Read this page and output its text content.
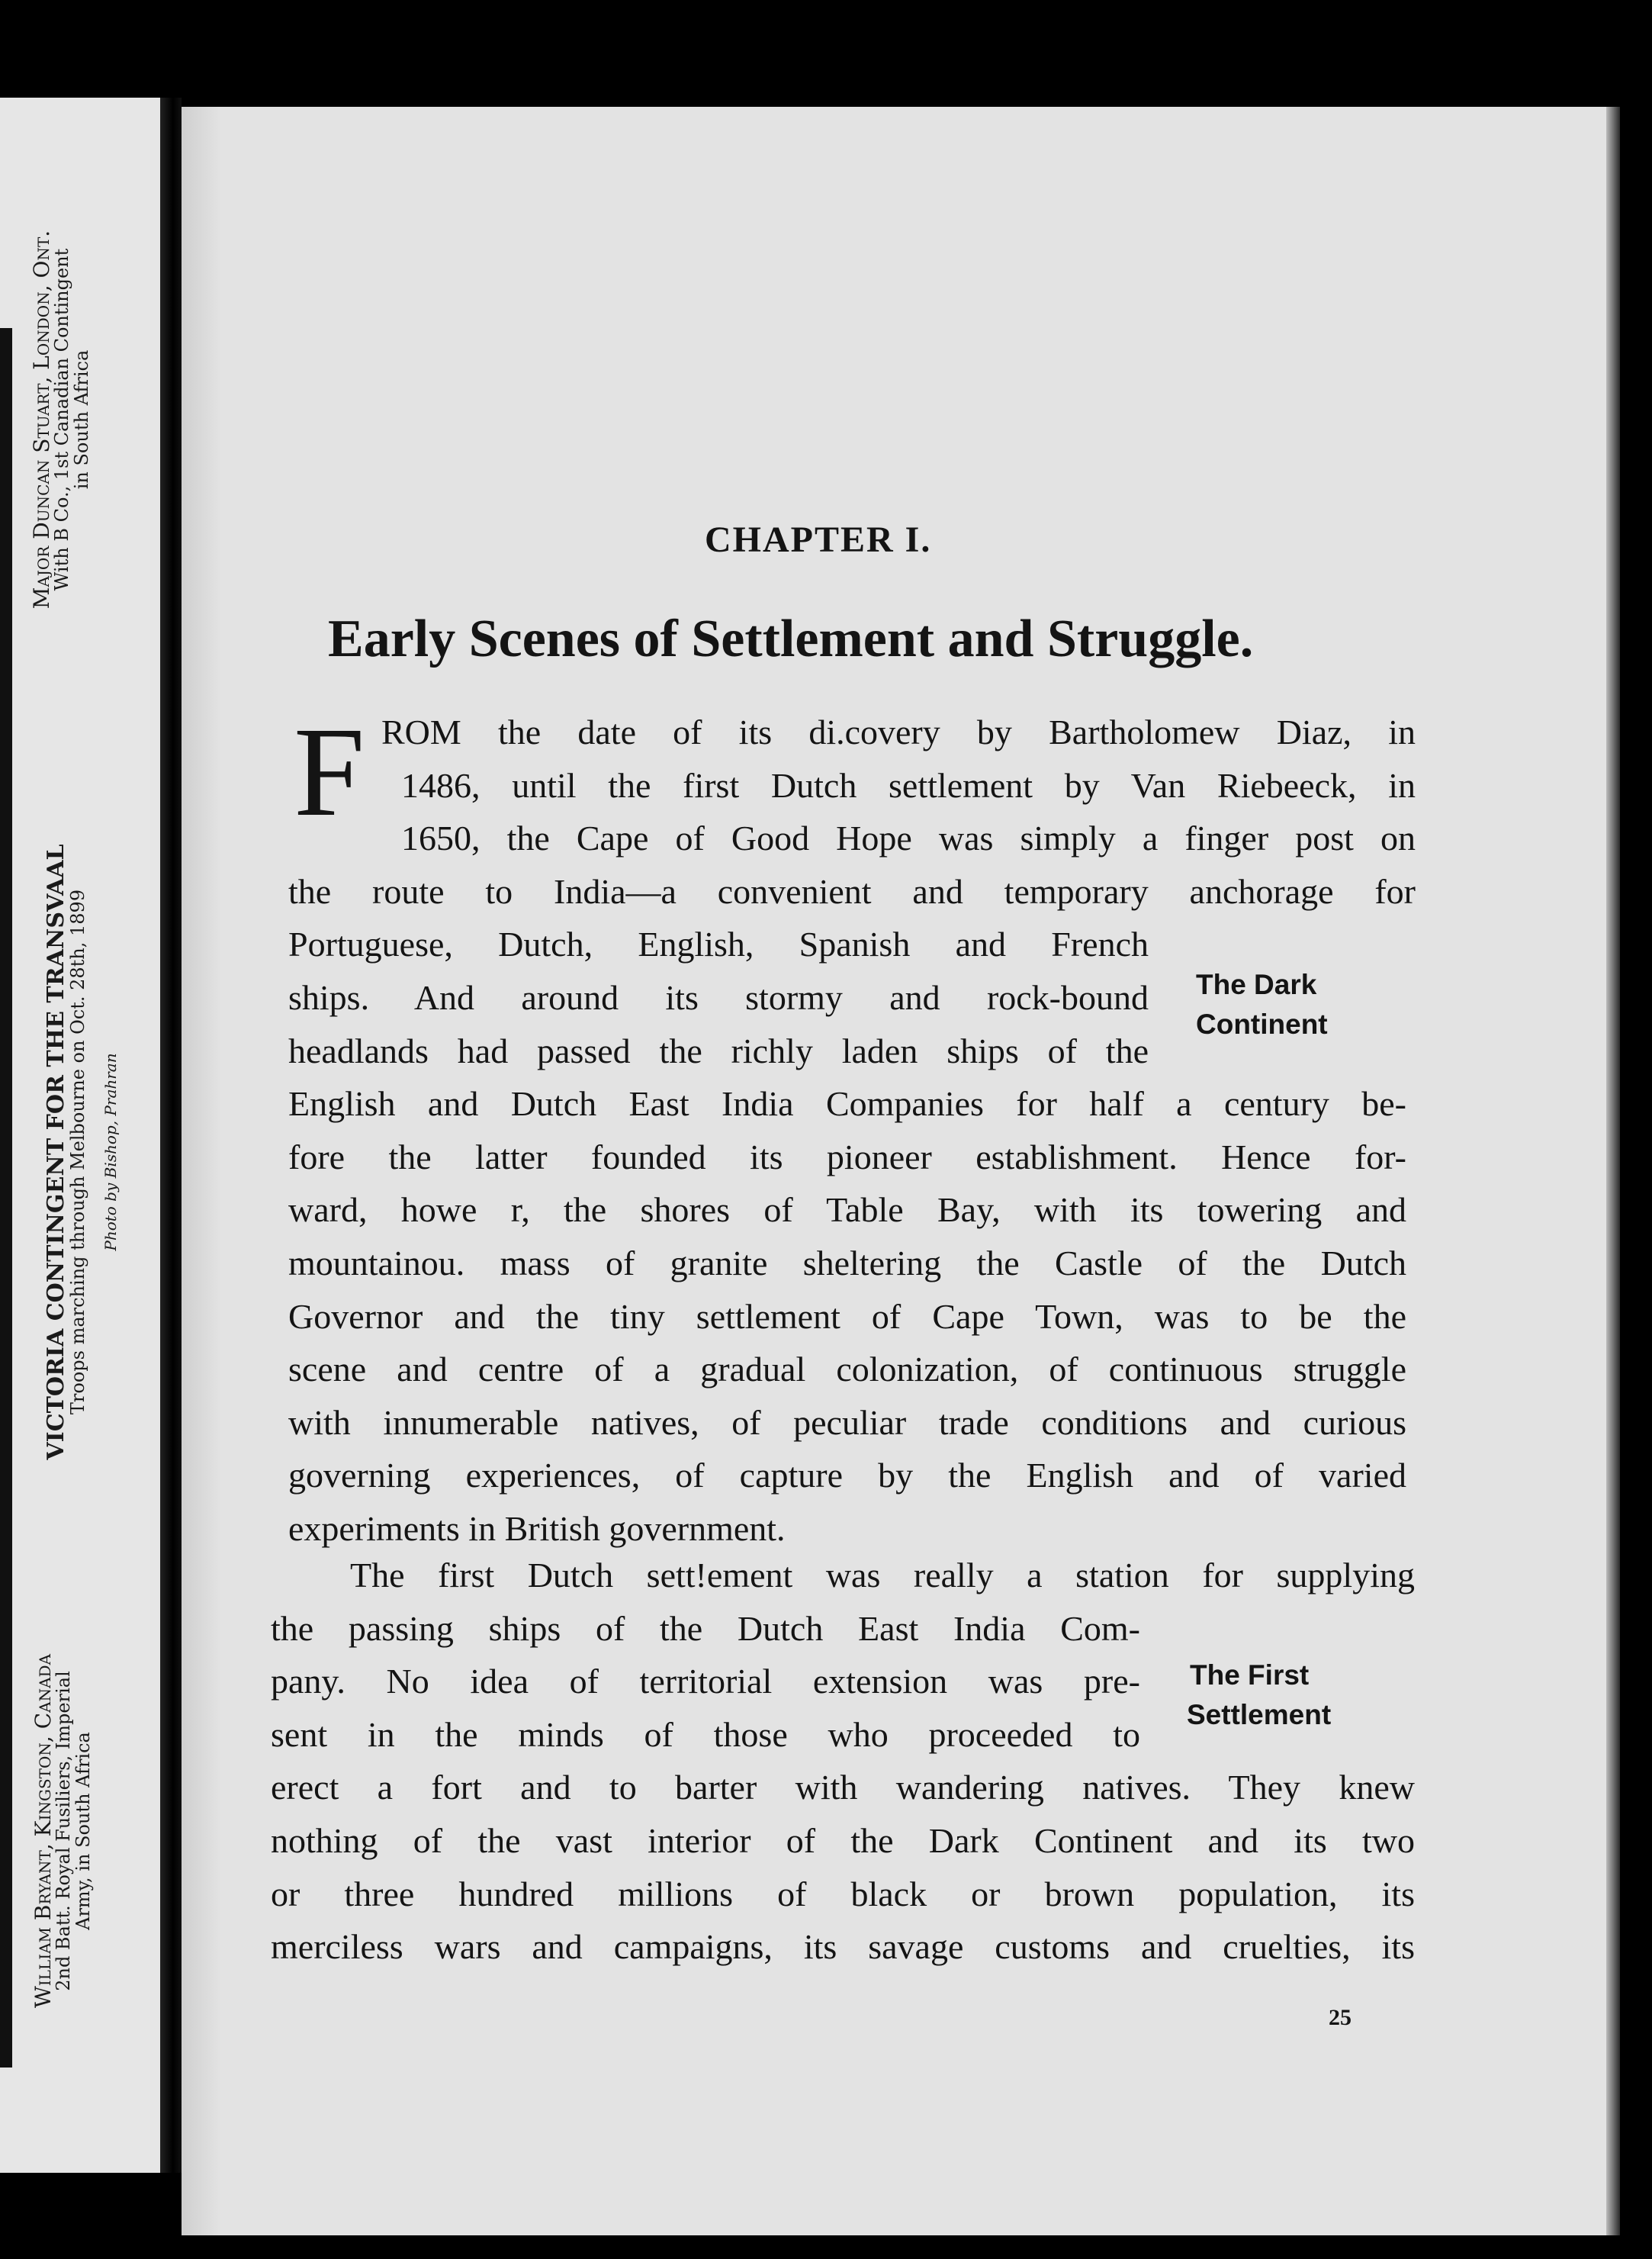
Major Duncan Stuart, London, Ont.
With B Co., 1st Canadian Contingent
in South Africa
VICTORIA CONTINGENT FOR THE TRANSVAAL
Troops marching through Melbourne on Oct. 28th, 1899 Photo by Bishop, Prahran
William Bryant, Kingston, Canada
2nd Batt. Royal Fusiliers, Imperial
Army, in South Africa
CHAPTER I.
Early Scenes of Settlement and Struggle.
F ROM the date of its di.covery by Bartholomew Diaz, in
1486, until the first Dutch settlement by Van Riebeeck, in
1650, the Cape of Good Hope was simply a finger post on
the route to India—a convenient and temporary anchorage for
Portuguese, Dutch, English, Spanish and French
ships. And around its stormy and rock-bound
headlands had passed the richly laden ships of the
English and Dutch East India Companies for half a century be-
fore the latter founded its pioneer establishment. Hence for-
ward, howe r, the shores of Table Bay, with its towering and
mountainou. mass of granite sheltering the Castle of the Dutch
Governor and the tiny settlement of Cape Town, was to be the
scene and centre of a gradual colonization, of continuous struggle
with innumerable natives, of peculiar trade conditions and curious
governing experiences, of capture by the English and of varied
experiments in British government.
The Dark
Continent
The first Dutch sett!ement was really a station for supplying
the passing ships of the Dutch East India Com-
pany. No idea of territorial extension was pre-
sent in the minds of those who proceeded to
erect a fort and to barter with wandering natives. They knew
nothing of the vast interior of the Dark Continent and its two
or three hundred millions of black or brown population, its
merciless wars and campaigns, its savage customs and cruelties, its
The First
Settlement
25
